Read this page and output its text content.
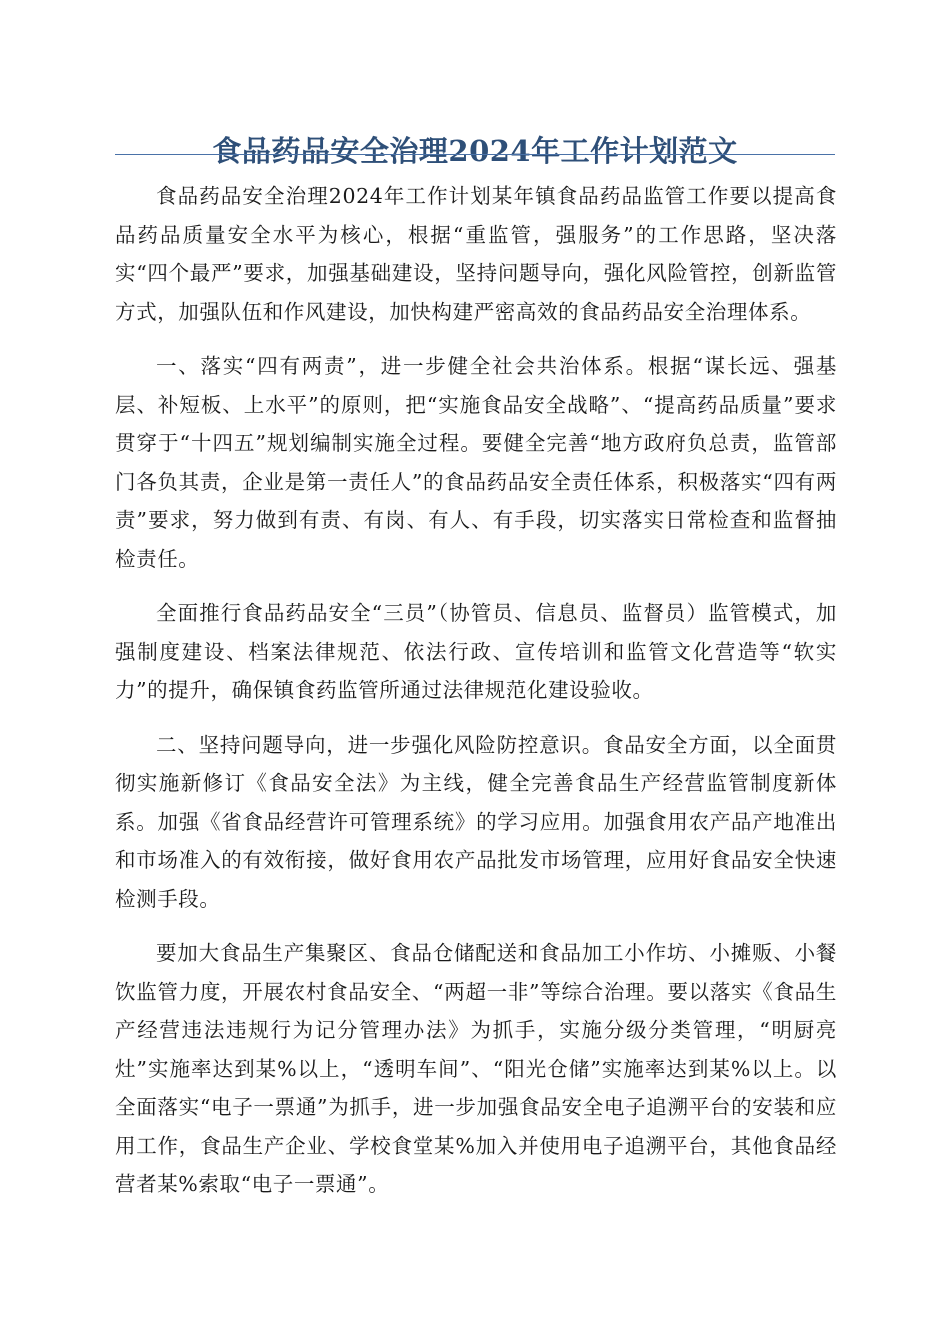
食品药品安全治理2024年工作计划范文

食品药品安全治理2024年工作计划某年镇食品药品监管工作要以提高食品药品质量安全水平为核心，根据“重监管，强服务”的工作思路，坚决落实“四个最严”要求，加强基础建设，坚持问题导向，强化风险管控，创新监管方式，加强队伍和作风建设，加快构建严密高效的食品药品安全治理体系。

一、落实“四有两责”，进一步健全社会共治体系。根据“谋长远、强基层、补短板、上水平”的原则，把“实施食品安全战略”、“提高药品质量”要求贯穿于“十四五”规划编制实施全过程。要健全完善“地方政府负总责，监管部门各负其责，企业是第一责任人”的食品药品安全责任体系，积极落实“四有两责”要求，努力做到有责、有岗、有人、有手段，切实落实日常检查和监督抽检责任。

全面推行食品药品安全“三员”（协管员、信息员、监督员）监管模式，加强制度建设、档案法律规范、依法行政、宣传培训和监管文化营造等“软实力”的提升，确保镇食药监管所通过法律规范化建设验收。

二、坚持问题导向，进一步强化风险防控意识。食品安全方面，以全面贯彻实施新修订《食品安全法》为主线，健全完善食品生产经营监管制度新体系。加强《省食品经营许可管理系统》的学习应用。加强食用农产品产地准出和市场准入的有效衔接，做好食用农产品批发市场管理，应用好食品安全快速检测手段。

要加大食品生产集聚区、食品仓储配送和食品加工小作坊、小摊贩、小餐饮监管力度，开展农村食品安全、“两超一非”等综合治理。要以落实《食品生产经营违法违规行为记分管理办法》为抓手，实施分级分类管理，“明厨亮灶”实施率达到某%以上，“透明车间”、“阳光仓储”实施率达到某%以上。以全面落实“电子一票通”为抓手，进一步加强食品安全电子追溯平台的安装和应用工作，食品生产企业、学校食堂某%加入并使用电子追溯平台，其他食品经营者某%索取“电子一票通”。
